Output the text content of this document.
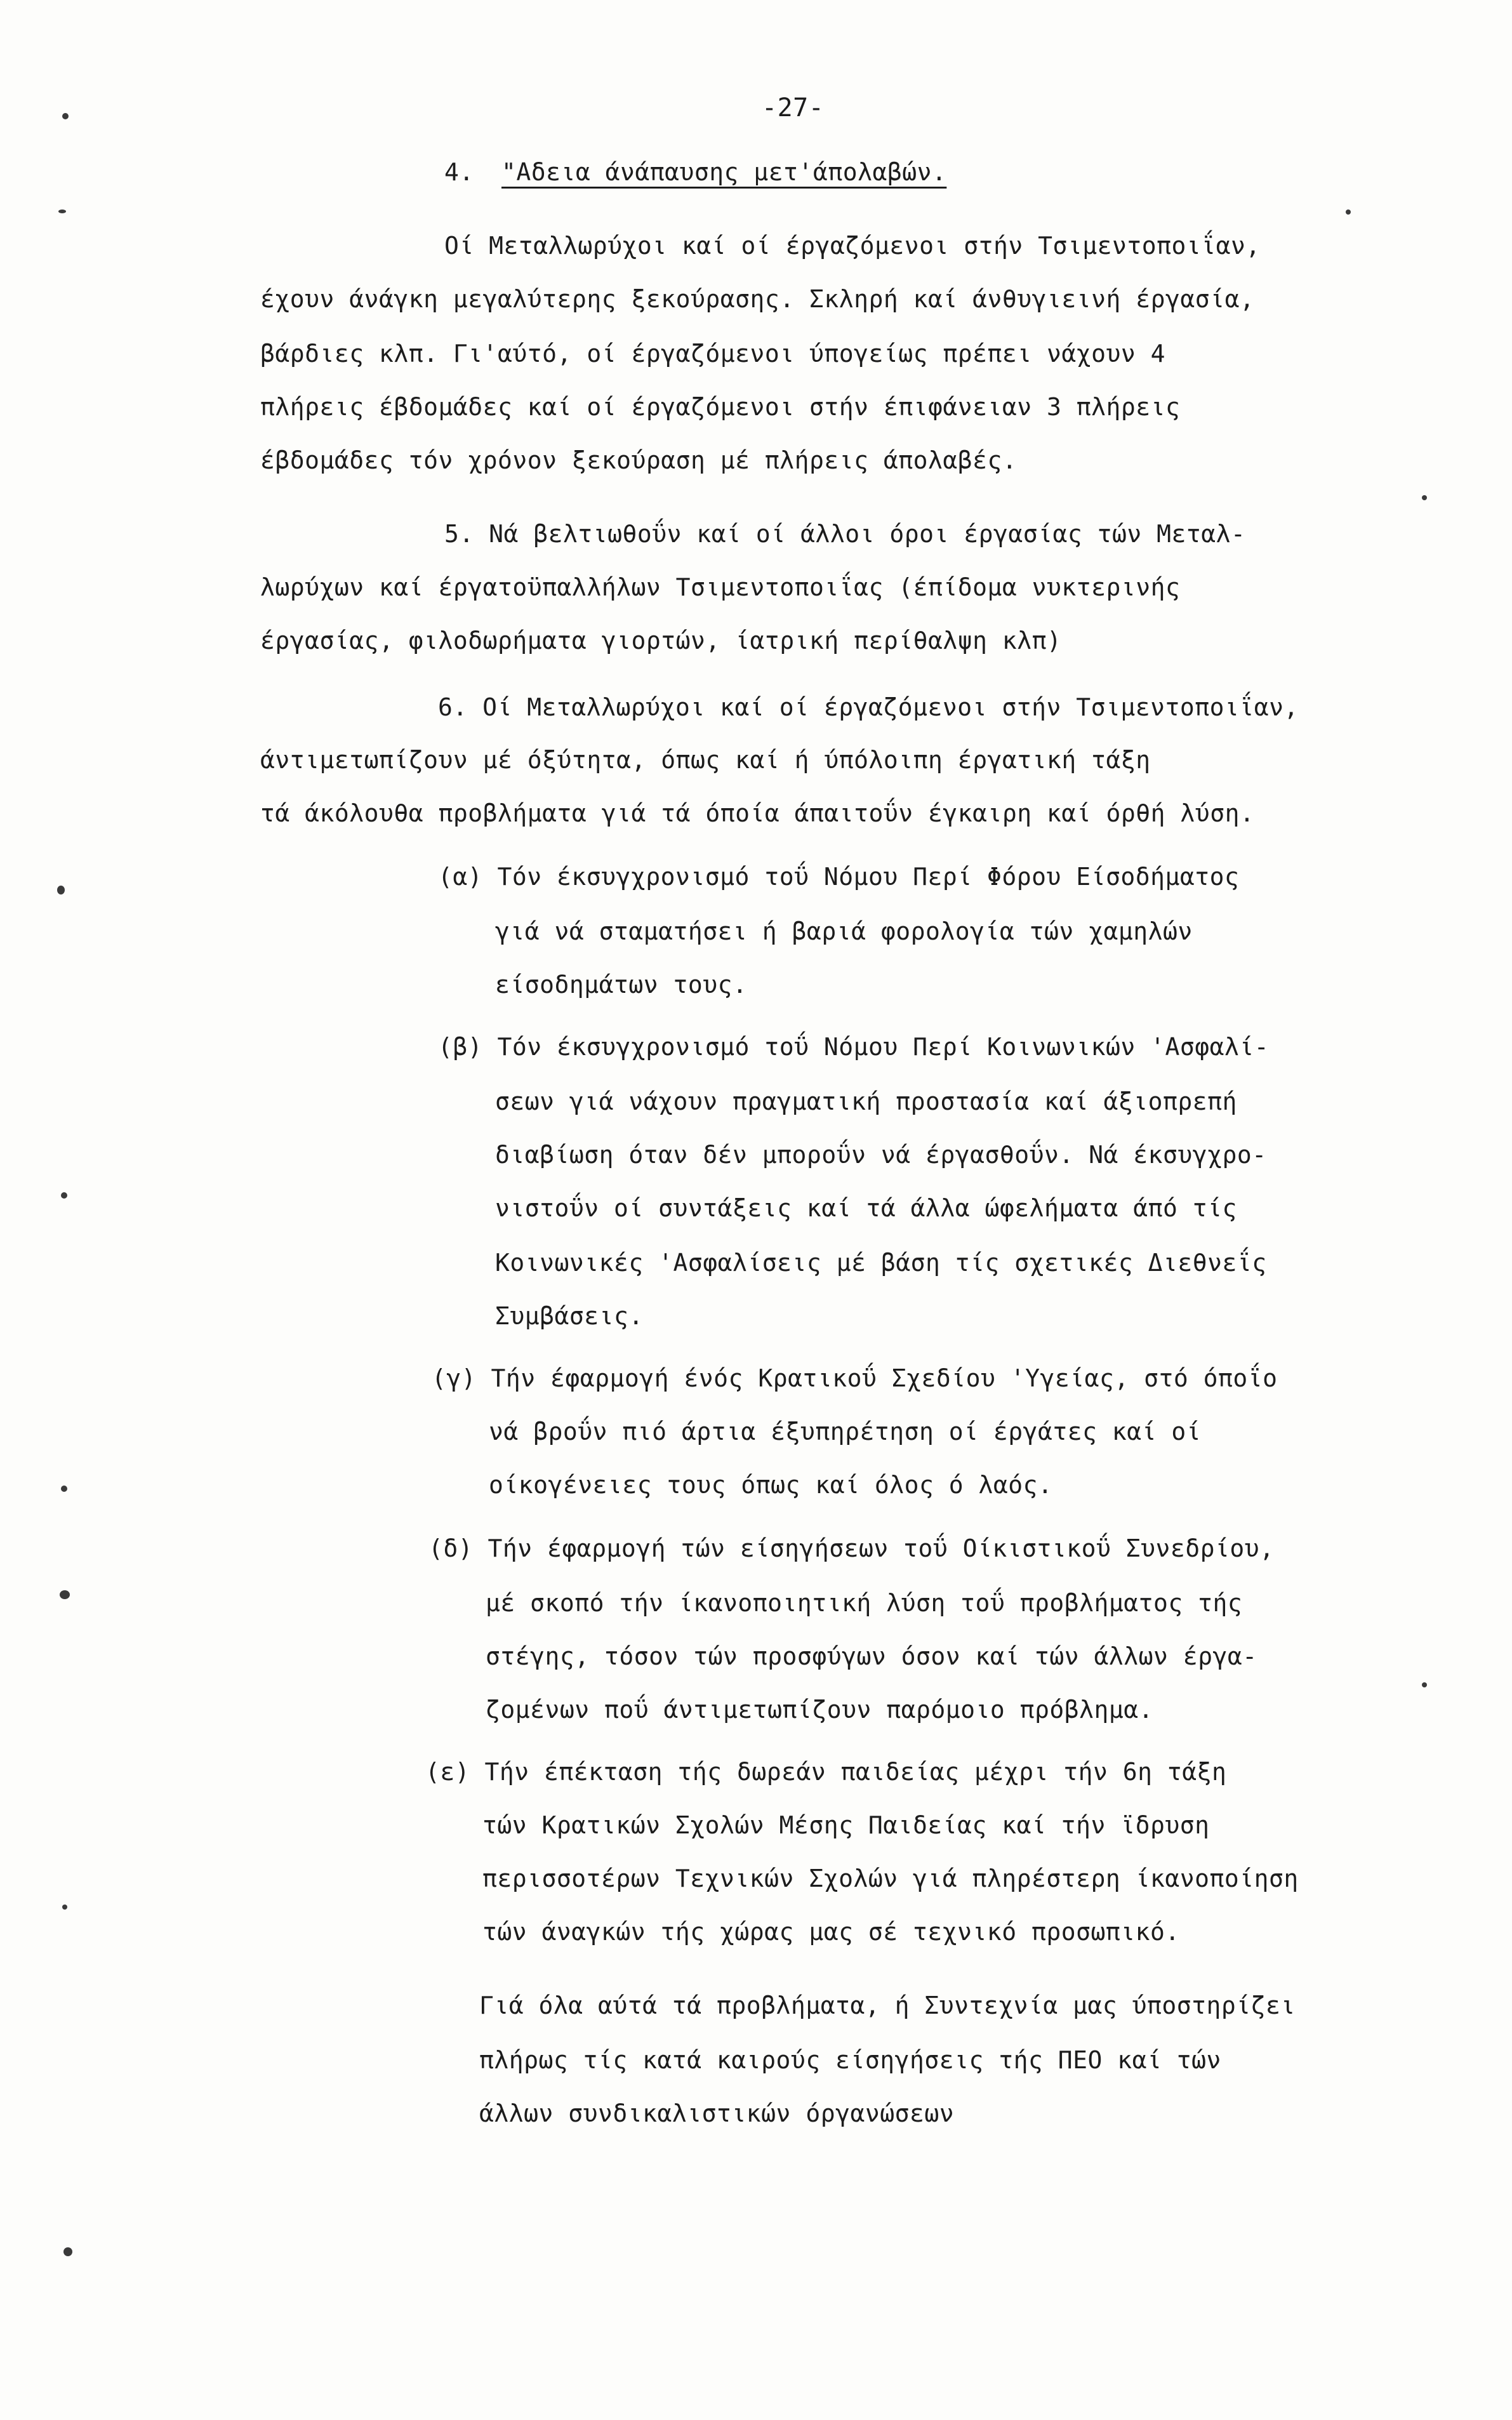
-27-
4. "Αδεια άνάπαυσης μετ'άπολαβών.
Οί Μεταλλωρύχοι καί οί έργαζόμενοι στήν Τσιμεντοποιΐαν,
έχουν άνάγκη μεγαλύτερης ξεκούρασης. Σκληρή καί άνθυγιεινή έργασία,
βάρδιες κλπ. Γι'αύτό, οί έργαζόμενοι ύπογείως πρέπει νάχουν 4
πλήρεις έβδομάδες καί οί έργαζόμενοι στήν έπιφάνειαν 3 πλήρεις
έβδομάδες τόν χρόνον ξεκούραση μέ πλήρεις άπολαβές.
5. Νά βελτιωθοΰν καί οί άλλοι όροι έργασίας τών Μεταλ-
λωρύχων καί έργατοϋπαλλήλων Τσιμεντοποιΐας (έπίδομα νυκτερινής
έργασίας, φιλοδωρήματα γιορτών, ίατρική περίθαλψη κλπ)
6. Οί Μεταλλωρύχοι καί οί έργαζόμενοι στήν Τσιμεντοποιΐαν,
άντιμετωπίζουν μέ όξύτητα, όπως καί ή ύπόλοιπη έργατική τάξη
τά άκόλουθα προβλήματα γιά τά όποία άπαιτοΰν έγκαιρη καί όρθή λύση.
(α) Τόν έκσυγχρονισμό τοΰ Νόμου Περί Φόρου Είσοδήματος
γιά νά σταματήσει ή βαριά φορολογία τών χαμηλών
είσοδημάτων τους.
(β) Τόν έκσυγχρονισμό τοΰ Νόμου Περί Κοινωνικών 'Ασφαλί-
σεων γιά νάχουν πραγματική προστασία καί άξιοπρεπή
διαβίωση όταν δέν μποροΰν νά έργασθοΰν. Νά έκσυγχρο-
νιστοΰν οί συντάξεις καί τά άλλα ώφελήματα άπό τίς
Κοινωνικές 'Ασφαλίσεις μέ βάση τίς σχετικές Διεθνεΐς
Συμβάσεις.
(γ) Τήν έφαρμογή ένός Κρατικοΰ Σχεδίου 'Υγείας, στό όποΐο
νά βροΰν πιό άρτια έξυπηρέτηση οί έργάτες καί οί
οίκογένειες τους όπως καί όλος ό λαός.
(δ) Τήν έφαρμογή τών είσηγήσεων τοΰ Οίκιστικοΰ Συνεδρίου,
μέ σκοπό τήν ίκανοποιητική λύση τοΰ προβλήματος τής
στέγης, τόσον τών προσφύγων όσον καί τών άλλων έργα-
ζομένων ποΰ άντιμετωπίζουν παρόμοιο πρόβλημα.
(ε) Τήν έπέκταση τής δωρεάν παιδείας μέχρι τήν 6η τάξη
τών Κρατικών Σχολών Μέσης Παιδείας καί τήν ϊδρυση
περισσοτέρων Τεχνικών Σχολών γιά πληρέστερη ίκανοποίηση
τών άναγκών τής χώρας μας σέ τεχνικό προσωπικό.
Γιά όλα αύτά τά προβλήματα, ή Συντεχνία μας ύποστηρίζει
πλήρως τίς κατά καιρούς είσηγήσεις τής ΠΕΟ καί τών
άλλων συνδικαλιστικών όργανώσεων
